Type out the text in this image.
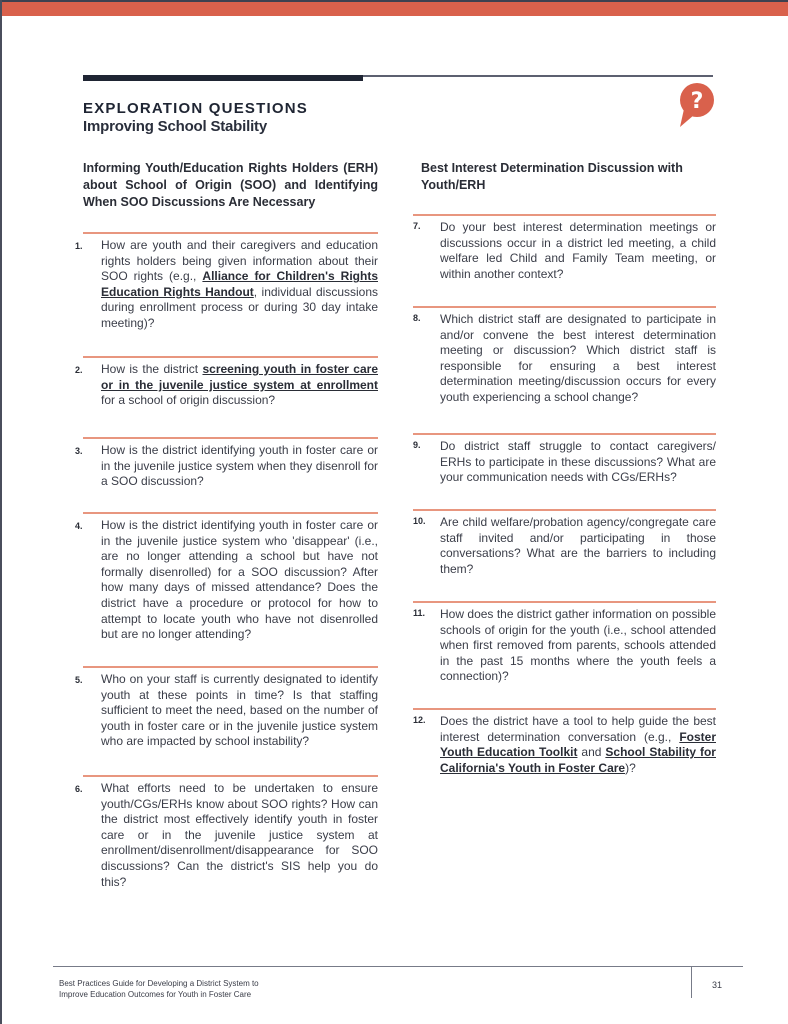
EXPLORATION QUESTIONS
Improving School Stability
?
Informing Youth/Education Rights Holders (ERH) about School of Origin (SOO) and Identifying When SOO Discussions Are Necessary
1. How are youth and their caregivers and education rights holders being given information about their SOO rights (e.g., Alliance for Children's Rights Education Rights Handout, individual discussions during enrollment process or during 30 day intake meeting)?
2. How is the district screening youth in foster care or in the juvenile justice system at enrollment for a school of origin discussion?
3. How is the district identifying youth in foster care or in the juvenile justice system when they disenroll for a SOO discussion?
4. How is the district identifying youth in foster care or in the juvenile justice system who 'disappear' (i.e., are no longer attending a school but have not formally disenrolled) for a SOO discussion? After how many days of missed attendance? Does the district have a procedure or protocol for how to attempt to locate youth who have not disenrolled but are no longer attending?
5. Who on your staff is currently designated to identify youth at these points in time? Is that staffing sufficient to meet the need, based on the number of youth in foster care or in the juvenile justice system who are impacted by school instability?
6. What efforts need to be undertaken to ensure youth/CGs/ERHs know about SOO rights? How can the district most effectively identify youth in foster care or in the juvenile justice system at enrollment/disenrollment/disappearance for SOO discussions? Can the district's SIS help you do this?
Best Interest Determination Discussion with Youth/ERH
7. Do your best interest determination meetings or discussions occur in a district led meeting, a child welfare led Child and Family Team meeting, or within another context?
8. Which district staff are designated to participate in and/or convene the best interest determination meeting or discussion? Which district staff is responsible for ensuring a best interest determination meeting/discussion occurs for every youth experiencing a school change?
9. Do district staff struggle to contact caregivers/ ERHs to participate in these discussions? What are your communication needs with CGs/ERHs?
10. Are child welfare/probation agency/congregate care staff invited and/or participating in those conversations? What are the barriers to including them?
11. How does the district gather information on possible schools of origin for the youth (i.e., school attended when first removed from parents, schools attended in the past 15 months where the youth feels a connection)?
12. Does the district have a tool to help guide the best interest determination conversation (e.g., Foster Youth Education Toolkit and School Stability for California's Youth in Foster Care)?
Best Practices Guide for Developing a District System to
Improve Education Outcomes for Youth in Foster Care
31
